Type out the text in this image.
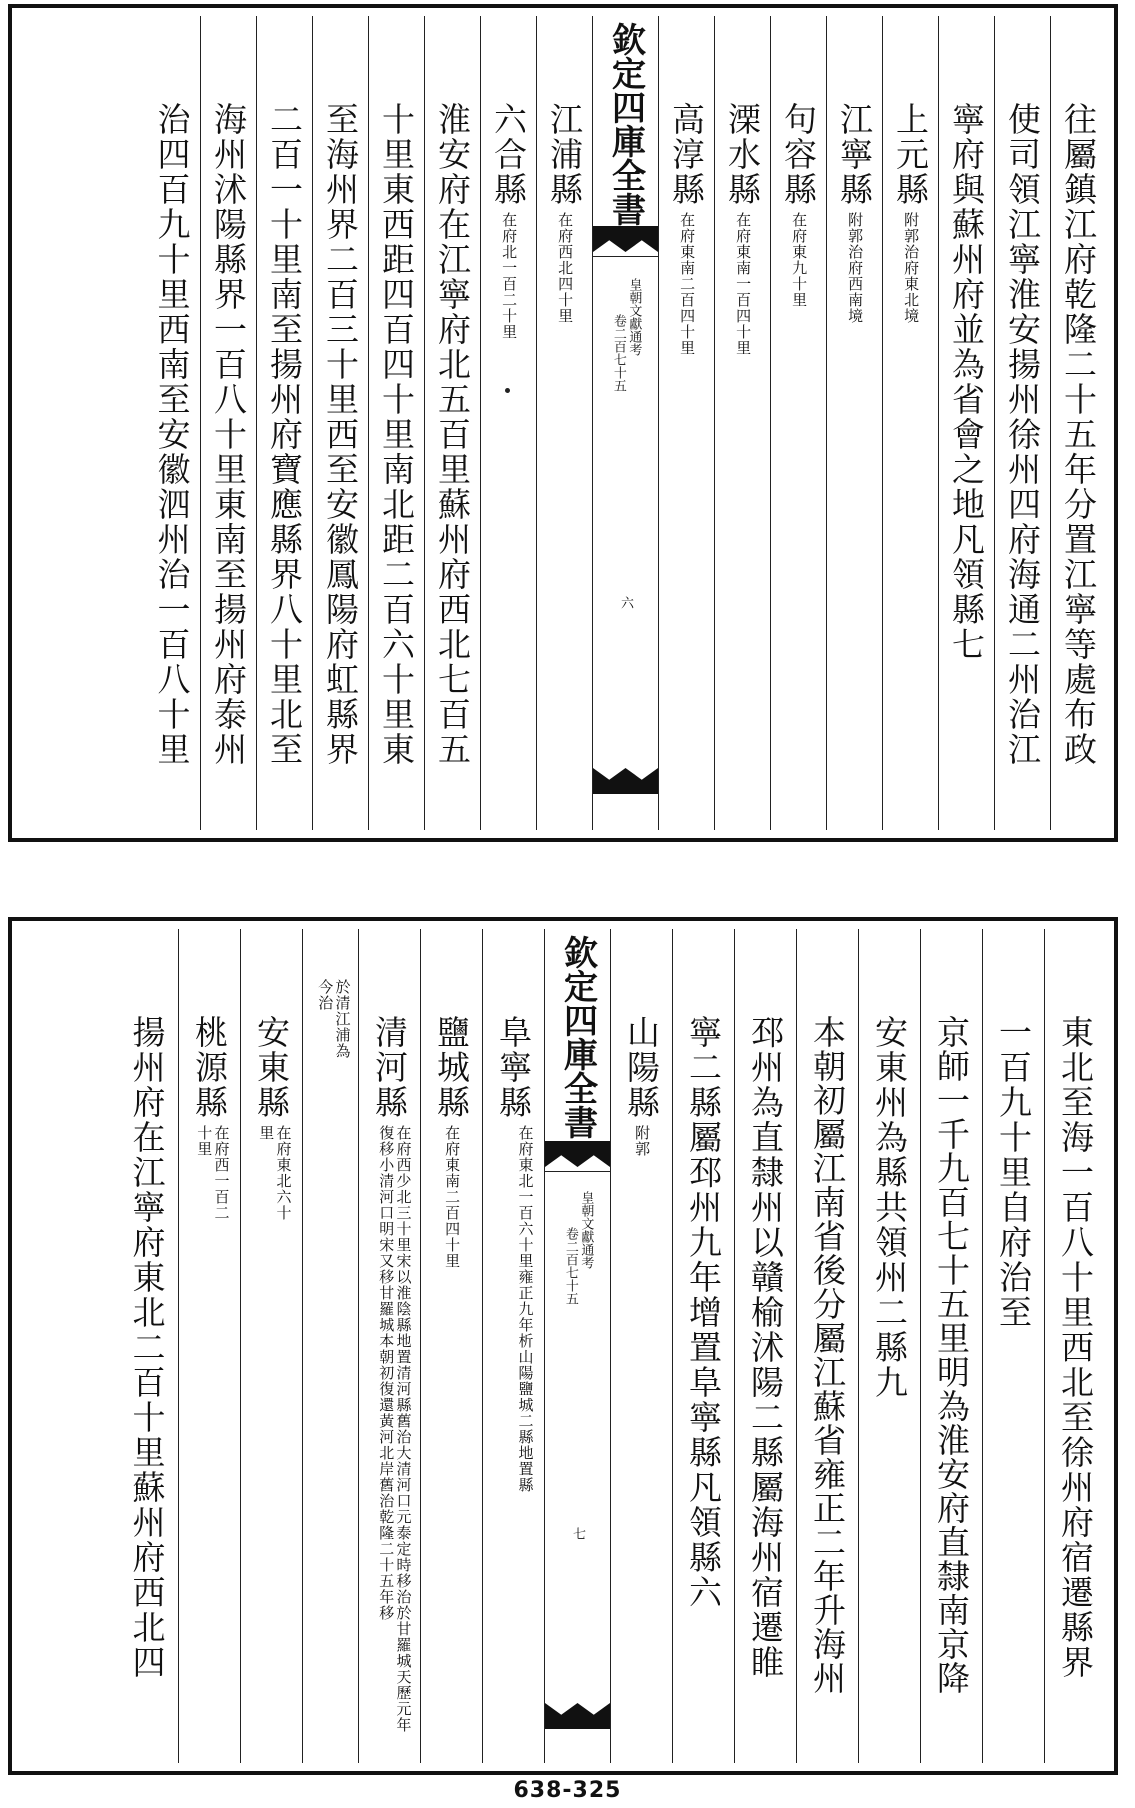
往屬鎮江府乾隆二十五年分置江寧等處布政
使司領江寧淮安揚州徐州四府海通二州治江
寧府與蘇州府並為省會之地凡領縣七
上元縣
附郭治府東北境
江寧縣
附郭治府西南境
句容縣
在府東九十里
溧水縣
在府東南一百四十里
高淳縣
在府東南二百四十里
欽定四庫全書
皇朝文獻通考
卷二百七十五
六
江浦縣
在府西北四十里
六合縣
在府北一百二十里
淮安府在江寧府北五百里蘇州府西北七百五
十里東西距四百四十里南北距二百六十里東
至海州界二百三十里西至安徽鳳陽府虹縣界
二百一十里南至揚州府寶應縣界八十里北至
海州沭陽縣界一百八十里東南至揚州府泰州
治四百九十里西南至安徽泗州治一百八十里
東北至海一百八十里西北至徐州府宿遷縣界
一百九十里自府治至
京師一千九百七十五里明為淮安府直隸南京降
安東州為縣共領州二縣九
本朝初屬江南省後分屬江蘇省雍正二年升海州
邳州為直隸州以贛榆沭陽二縣屬海州宿遷睢
寧二縣屬邳州九年增置阜寧縣凡領縣六
山陽縣
附郭
欽定四庫全書
皇朝文獻通考
卷二百七十五
七
阜寧縣
在府東北一百六十里雍正九年析山陽鹽城二縣地置縣
鹽城縣
在府東南二百四十里
清河縣
在府西少北三十里宋以淮陰縣地置清河縣舊治大清河口元泰定時移治於甘羅城天歷元年復移小清河口明宋又移甘羅城本朝初復還黃河北岸舊治乾隆二十五年移
於清江浦為今治
安東縣
在府東北六十里
桃源縣
在府西一百二十里
揚州府在江寧府東北二百十里蘇州府西北四
638-325
